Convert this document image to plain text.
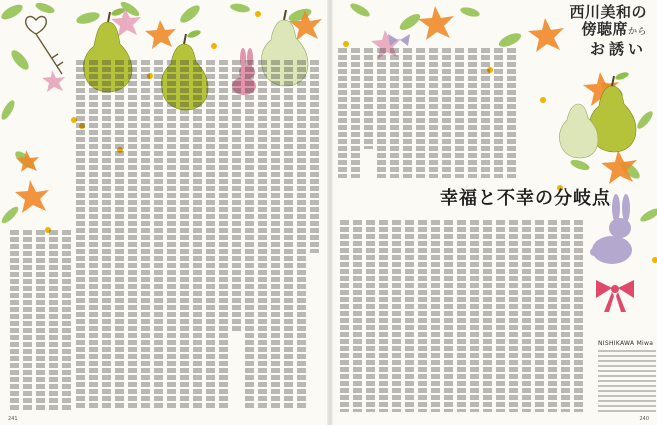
西川美和の
傍聴席から
お誘い
幸福と不幸の分岐点
NISHIKAWA Miwa
241	240
